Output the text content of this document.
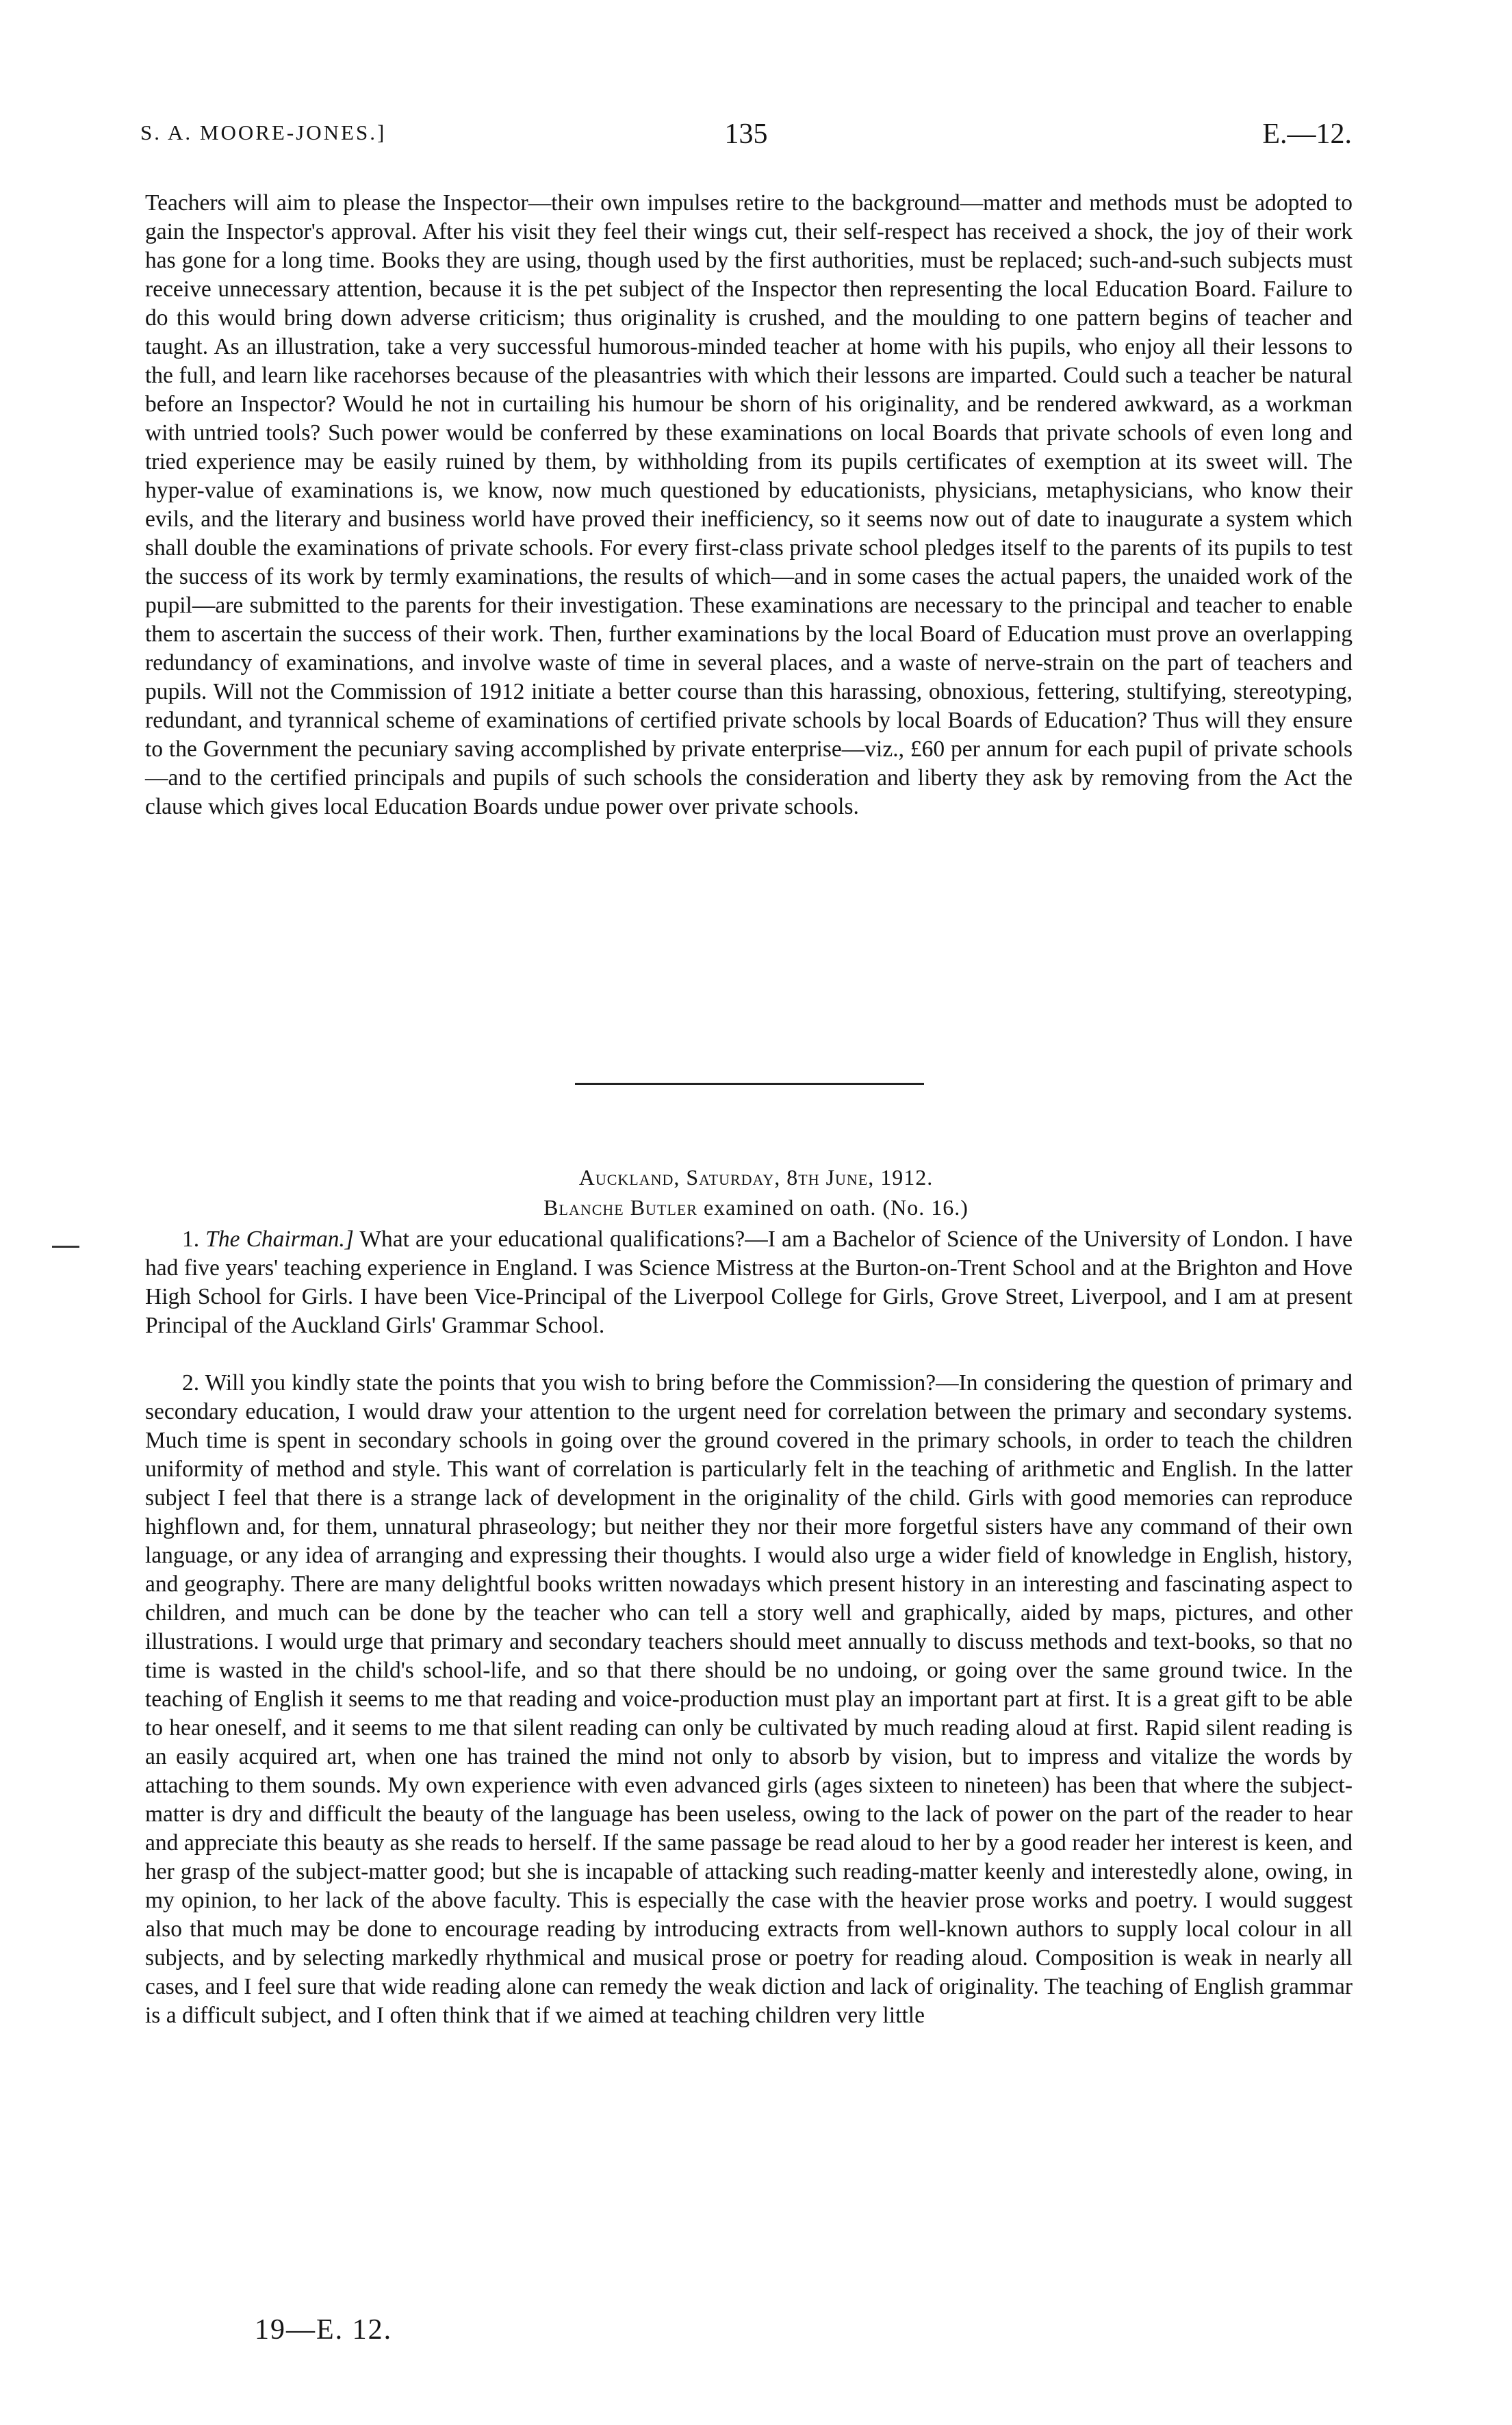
S. A. MOORE-JONES.]	135	E.—12.

Teachers will aim to please the Inspector—their own impulses retire to the background—matter and methods must be adopted to gain the Inspector's approval. After his visit they feel their wings cut, their self-respect has received a shock, the joy of their work has gone for a long time. Books they are using, though used by the first authorities, must be replaced; such-and-such subjects must receive unnecessary attention, because it is the pet subject of the Inspector then representing the local Education Board. Failure to do this would bring down adverse criticism; thus originality is crushed, and the moulding to one pattern begins of teacher and taught. As an illustration, take a very successful humorous-minded teacher at home with his pupils, who enjoy all their lessons to the full, and learn like racehorses because of the pleasantries with which their lessons are imparted. Could such a teacher be natural before an Inspector? Would he not in curtailing his humour be shorn of his originality, and be rendered awkward, as a workman with untried tools? Such power would be conferred by these examinations on local Boards that private schools of even long and tried experience may be easily ruined by them, by withholding from its pupils certificates of exemption at its sweet will. The hyper-value of examinations is, we know, now much questioned by educationists, physicians, metaphysicians, who know their evils, and the literary and business world have proved their inefficiency, so it seems now out of date to inaugurate a system which shall double the examinations of private schools. For every first-class private school pledges itself to the parents of its pupils to test the success of its work by termly examinations, the results of which—and in some cases the actual papers, the unaided work of the pupil—are submitted to the parents for their investigation. These examinations are necessary to the principal and teacher to enable them to ascertain the success of their work. Then, further examinations by the local Board of Education must prove an overlapping redundancy of examinations, and involve waste of time in several places, and a waste of nerve-strain on the part of teachers and pupils. Will not the Commission of 1912 initiate a better course than this harassing, obnoxious, fettering, stultifying, stereotyping, redundant, and tyrannical scheme of examinations of certified private schools by local Boards of Education? Thus will they ensure to the Government the pecuniary saving accomplished by private enterprise—viz., £60 per annum for each pupil of private schools—and to the certified principals and pupils of such schools the consideration and liberty they ask by removing from the Act the clause which gives local Education Boards undue power over private schools.

Auckland, Saturday, 8th June, 1912.
Blanche Butler examined on oath. (No. 16.)

1. The Chairman.] What are your educational qualifications?—I am a Bachelor of Science of the University of London. I have had five years' teaching experience in England. I was Science Mistress at the Burton-on-Trent School and at the Brighton and Hove High School for Girls. I have been Vice-Principal of the Liverpool College for Girls, Grove Street, Liverpool, and I am at present Principal of the Auckland Girls' Grammar School.

2. Will you kindly state the points that you wish to bring before the Commission?—In considering the question of primary and secondary education, I would draw your attention to the urgent need for correlation between the primary and secondary systems. Much time is spent in secondary schools in going over the ground covered in the primary schools, in order to teach the children uniformity of method and style. This want of correlation is particularly felt in the teaching of arithmetic and English. In the latter subject I feel that there is a strange lack of development in the originality of the child. Girls with good memories can reproduce highflown and, for them, unnatural phraseology; but neither they nor their more forgetful sisters have any command of their own language, or any idea of arranging and expressing their thoughts. I would also urge a wider field of knowledge in English, history, and geography. There are many delightful books written nowadays which present history in an interesting and fascinating aspect to children, and much can be done by the teacher who can tell a story well and graphically, aided by maps, pictures, and other illustrations. I would urge that primary and secondary teachers should meet annually to discuss methods and text-books, so that no time is wasted in the child's school-life, and so that there should be no undoing, or going over the same ground twice. In the teaching of English it seems to me that reading and voice-production must play an important part at first. It is a great gift to be able to hear oneself, and it seems to me that silent reading can only be cultivated by much reading aloud at first. Rapid silent reading is an easily acquired art, when one has trained the mind not only to absorb by vision, but to impress and vitalize the words by attaching to them sounds. My own experience with even advanced girls (ages sixteen to nineteen) has been that where the subject-matter is dry and difficult the beauty of the language has been useless, owing to the lack of power on the part of the reader to hear and appreciate this beauty as she reads to herself. If the same passage be read aloud to her by a good reader her interest is keen, and her grasp of the subject-matter good; but she is incapable of attacking such reading-matter keenly and interestedly alone, owing, in my opinion, to her lack of the above faculty. This is especially the case with the heavier prose works and poetry. I would suggest also that much may be done to encourage reading by introducing extracts from well-known authors to supply local colour in all subjects, and by selecting markedly rhythmical and musical prose or poetry for reading aloud. Composition is weak in nearly all cases, and I feel sure that wide reading alone can remedy the weak diction and lack of originality. The teaching of English grammar is a difficult subject, and I often think that if we aimed at teaching children very little

19—E. 12.
